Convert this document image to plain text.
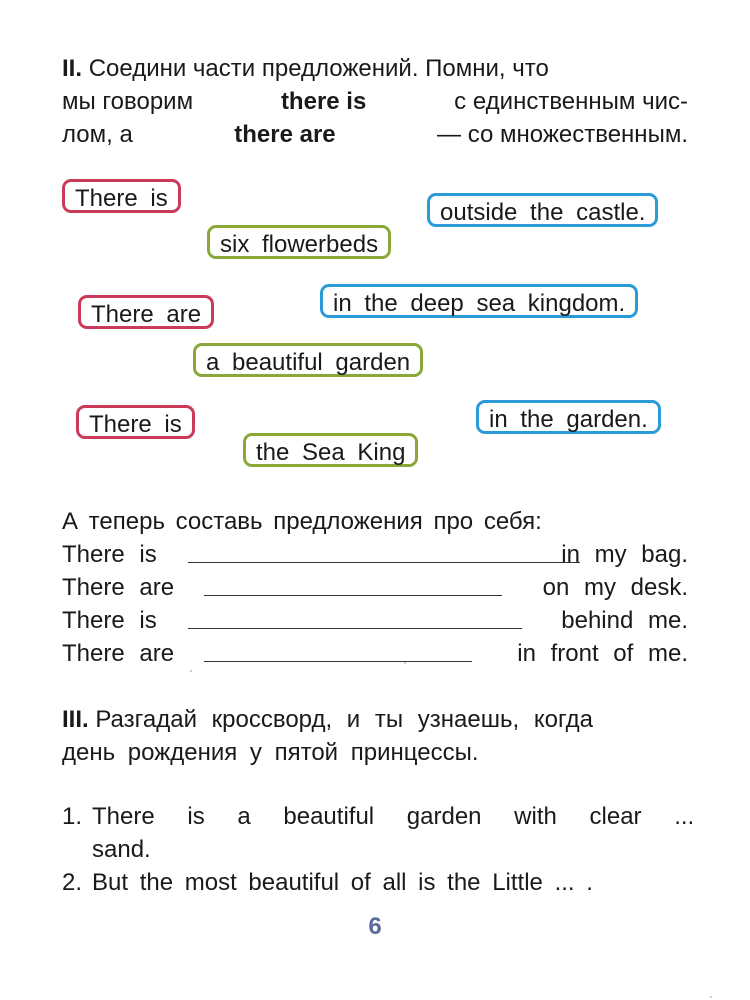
II. Соедини части предложений. Помни, что
мы говорим	there is	с единственным чис-
лом, а	there are	— со множественным.
There is
outside the castle.
six flowerbeds
in the deep sea kingdom.
There are
a beautiful garden
in the garden.
There is
the Sea King
А теперь составь предложения про себя:
There is	in my bag.
There are	on my desk.
There is	behind me.
There are	in front of me.
III. Разгадай кроссворд, и ты узнаешь, когда
день рождения у пятой принцессы.
1. There is a beautiful garden with clear ...
sand.
2. But the most beautiful of all is the Little ... .
6
